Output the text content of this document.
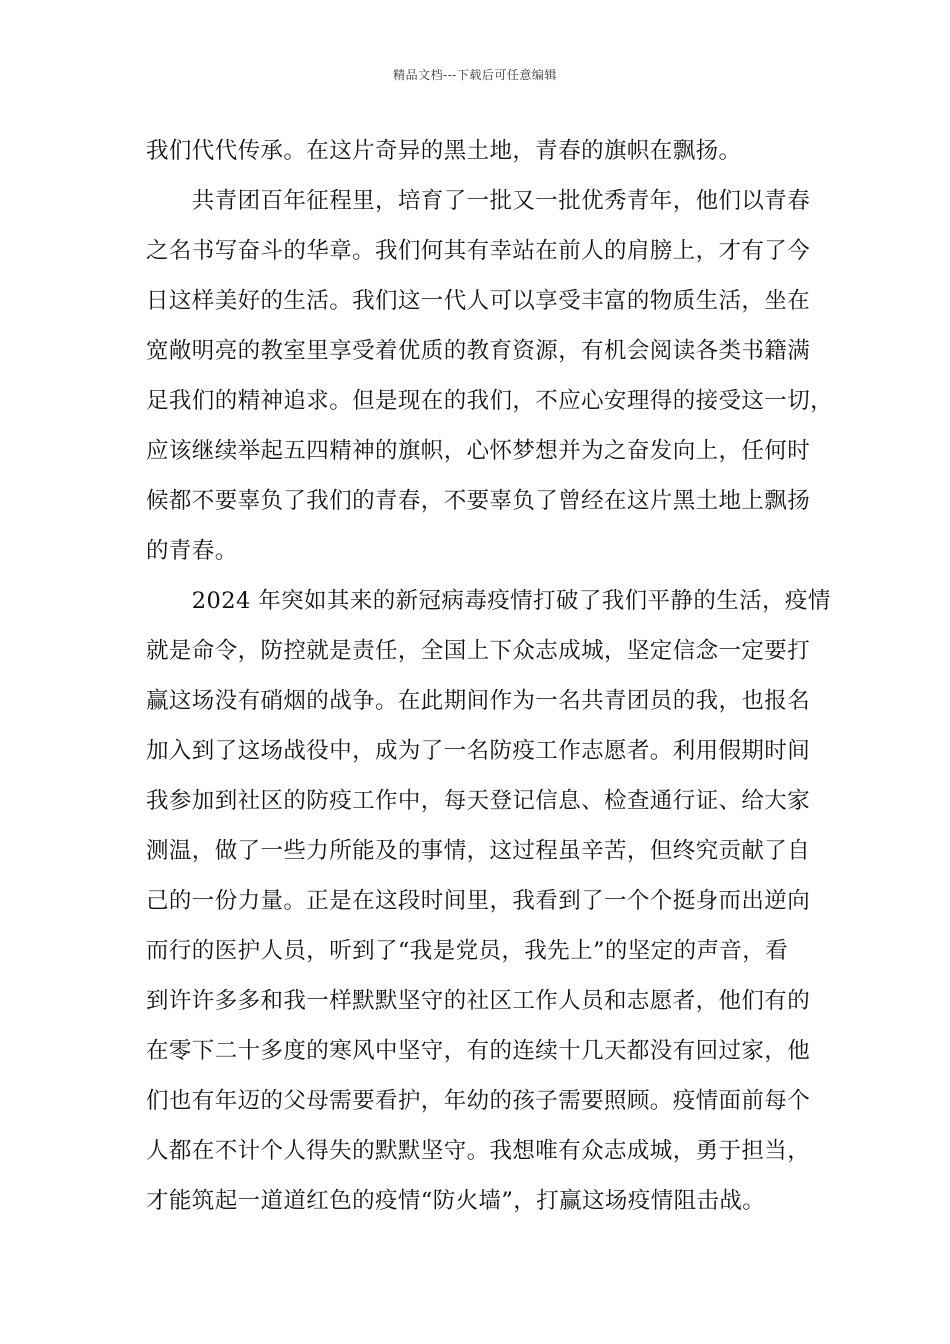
精品文档---下载后可任意编辑
我们代代传承。在这片奇异的黑土地，青春的旗帜在飘扬。
　　共青团百年征程里，培育了一批又一批优秀青年，他们以青春
之名书写奋斗的华章。我们何其有幸站在前人的肩膀上，才有了今
日这样美好的生活。我们这一代人可以享受丰富的物质生活，坐在
宽敞明亮的教室里享受着优质的教育资源，有机会阅读各类书籍满
足我们的精神追求。但是现在的我们，不应心安理得的接受这一切，
应该继续举起五四精神的旗帜，心怀梦想并为之奋发向上，任何时
候都不要辜负了我们的青春，不要辜负了曾经在这片黑土地上飘扬
的青春。
　　2024 年突如其来的新冠病毒疫情打破了我们平静的生活，疫情
就是命令，防控就是责任，全国上下众志成城，坚定信念一定要打
赢这场没有硝烟的战争。在此期间作为一名共青团员的我，也报名
加入到了这场战役中，成为了一名防疫工作志愿者。利用假期时间
我参加到社区的防疫工作中，每天登记信息、检查通行证、给大家
测温，做了一些力所能及的事情，这过程虽辛苦，但终究贡献了自
己的一份力量。正是在这段时间里，我看到了一个个挺身而出逆向
而行的医护人员，听到了“我是党员，我先上”的坚定的声音，看
到许许多多和我一样默默坚守的社区工作人员和志愿者，他们有的
在零下二十多度的寒风中坚守，有的连续十几天都没有回过家，他
们也有年迈的父母需要看护，年幼的孩子需要照顾。疫情面前每个
人都在不计个人得失的默默坚守。我想唯有众志成城，勇于担当，
才能筑起一道道红色的疫情“防火墙”，打赢这场疫情阻击战。
